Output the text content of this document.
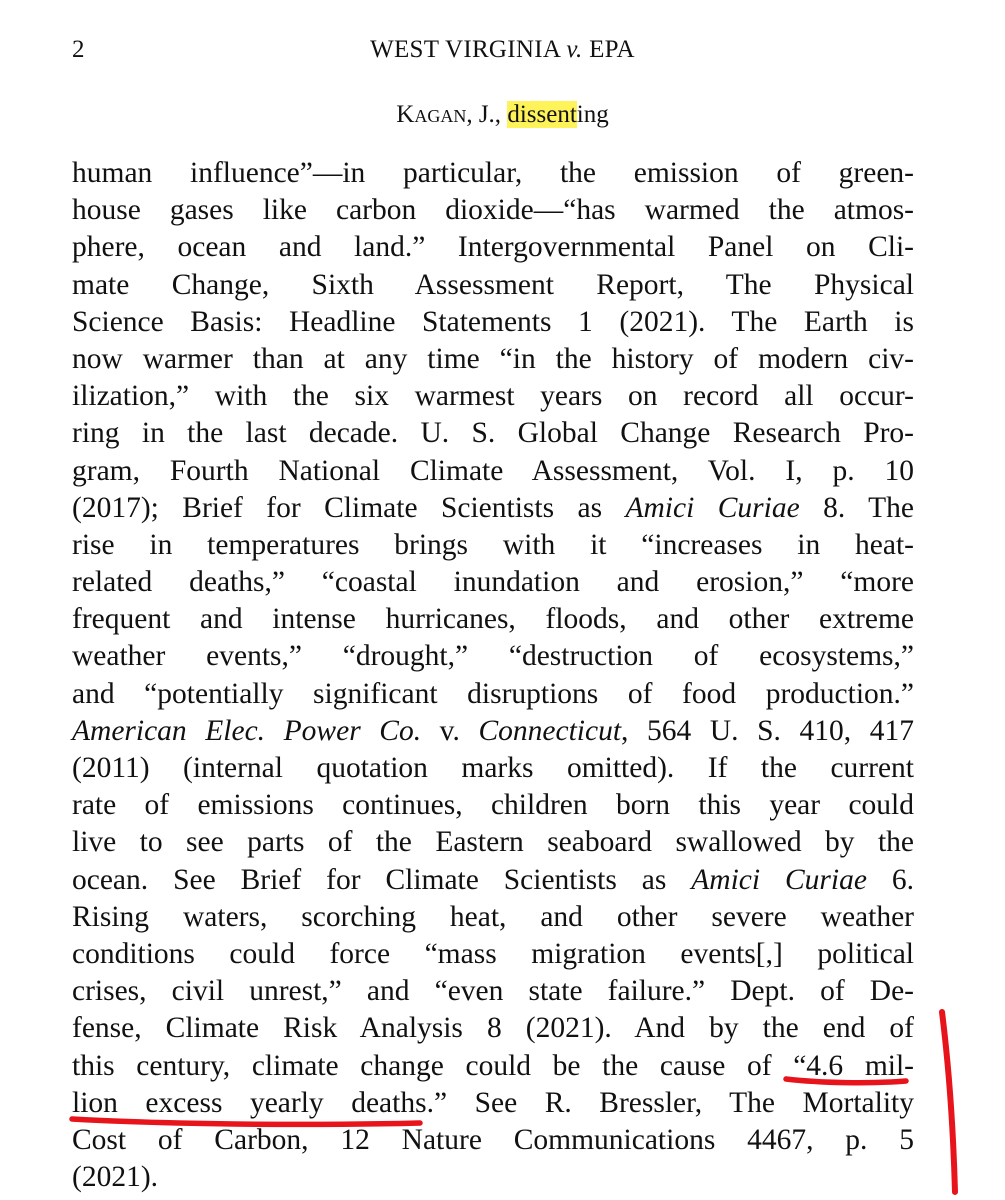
2	WEST VIRGINIA v. EPA
Kagan, J., dissenting
human influence”—in particular, the emission of green-
house gases like carbon dioxide—“has warmed the atmos-
phere, ocean and land.” Intergovernmental Panel on Cli-
mate Change, Sixth Assessment Report, The Physical
Science Basis: Headline Statements 1 (2021). The Earth is
now warmer than at any time “in the history of modern civ-
ilization,” with the six warmest years on record all occur-
ring in the last decade. U. S. Global Change Research Pro-
gram, Fourth National Climate Assessment, Vol. I, p. 10
(2017); Brief for Climate Scientists as Amici Curiae 8. The
rise in temperatures brings with it “increases in heat-
related deaths,” “coastal inundation and erosion,” “more
frequent and intense hurricanes, floods, and other extreme
weather events,” “drought,” “destruction of ecosystems,”
and “potentially significant disruptions of food production.”
American Elec. Power Co. v. Connecticut, 564 U. S. 410, 417
(2011) (internal quotation marks omitted). If the current
rate of emissions continues, children born this year could
live to see parts of the Eastern seaboard swallowed by the
ocean. See Brief for Climate Scientists as Amici Curiae 6.
Rising waters, scorching heat, and other severe weather
conditions could force “mass migration events[,] political
crises, civil unrest,” and “even state failure.” Dept. of De-
fense, Climate Risk Analysis 8 (2021). And by the end of
this century, climate change could be the cause of “4.6 mil-
lion excess yearly deaths.” See R. Bressler, The Mortality
Cost of Carbon, 12 Nature Communications 4467, p. 5
(2021).
